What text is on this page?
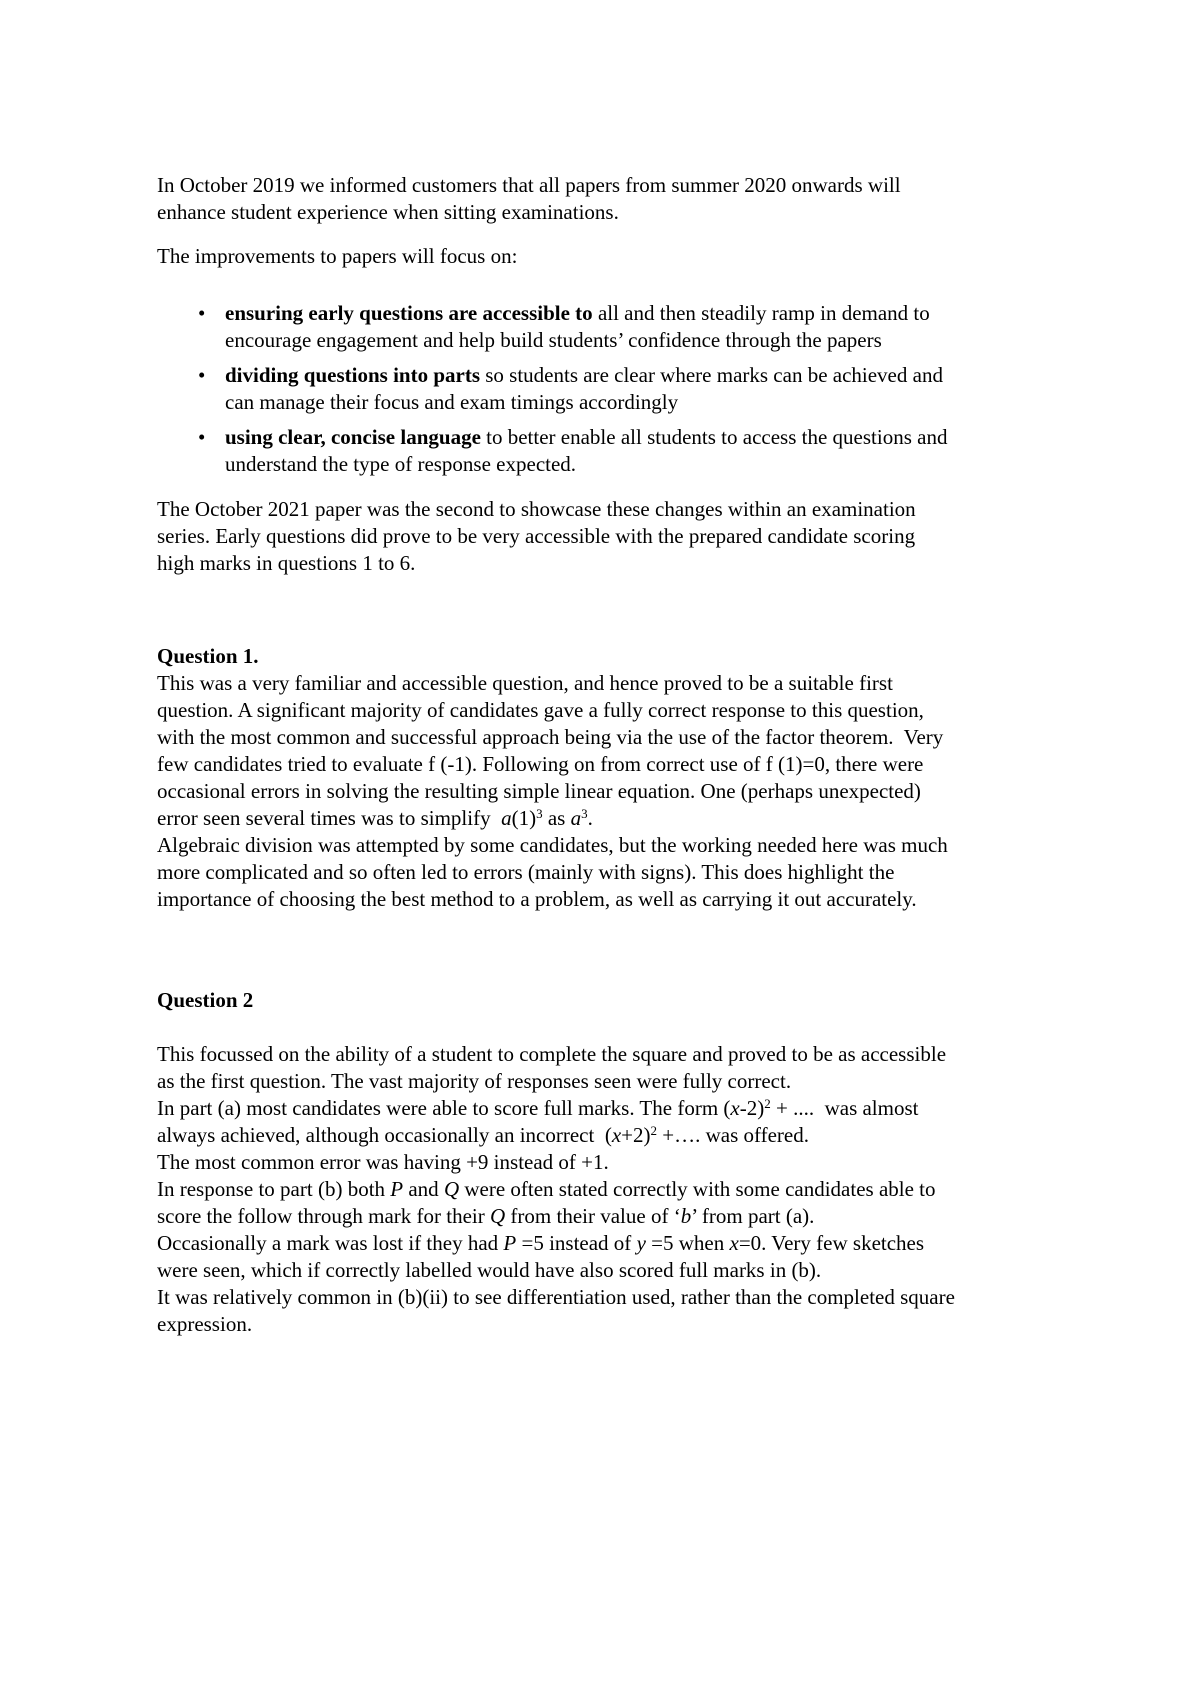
In October 2019 we informed customers that all papers from summer 2020 onwards will enhance student experience when sitting examinations.

The improvements to papers will focus on:

• ensuring early questions are accessible to all and then steadily ramp in demand to encourage engagement and help build students’ confidence through the papers
• dividing questions into parts so students are clear where marks can be achieved and can manage their focus and exam timings accordingly
• using clear, concise language to better enable all students to access the questions and understand the type of response expected.

The October 2021 paper was the second to showcase these changes within an examination series. Early questions did prove to be very accessible with the prepared candidate scoring high marks in questions 1 to 6.

Question 1.

This was a very familiar and accessible question, and hence proved to be a suitable first question. A significant majority of candidates gave a fully correct response to this question, with the most common and successful approach being via the use of the factor theorem.  Very few candidates tried to evaluate f (-1). Following on from correct use of f (1)=0, there were occasional errors in solving the resulting simple linear equation. One (perhaps unexpected) error seen several times was to simplify  $a(1)^3$ as $a^3$.

Algebraic division was attempted by some candidates, but the working needed here was much more complicated and so often led to errors (mainly with signs). This does highlight the importance of choosing the best method to a problem, as well as carrying it out accurately.

Question 2

This focussed on the ability of a student to complete the square and proved to be as accessible as the first question. The vast majority of responses seen were fully correct.

In part (a) most candidates were able to score full marks. The form $(x-2)^2$ + ....  was almost always achieved, although occasionally an incorrect  $(x+2)^2$ +…. was offered.

The most common error was having +9 instead of +1.

In response to part (b) both P and Q were often stated correctly with some candidates able to score the follow through mark for their Q from their value of ‘b’ from part (a).

Occasionally a mark was lost if they had P =5 instead of y =5 when x=0. Very few sketches were seen, which if correctly labelled would have also scored full marks in (b).

It was relatively common in (b)(ii) to see differentiation used, rather than the completed square expression.
